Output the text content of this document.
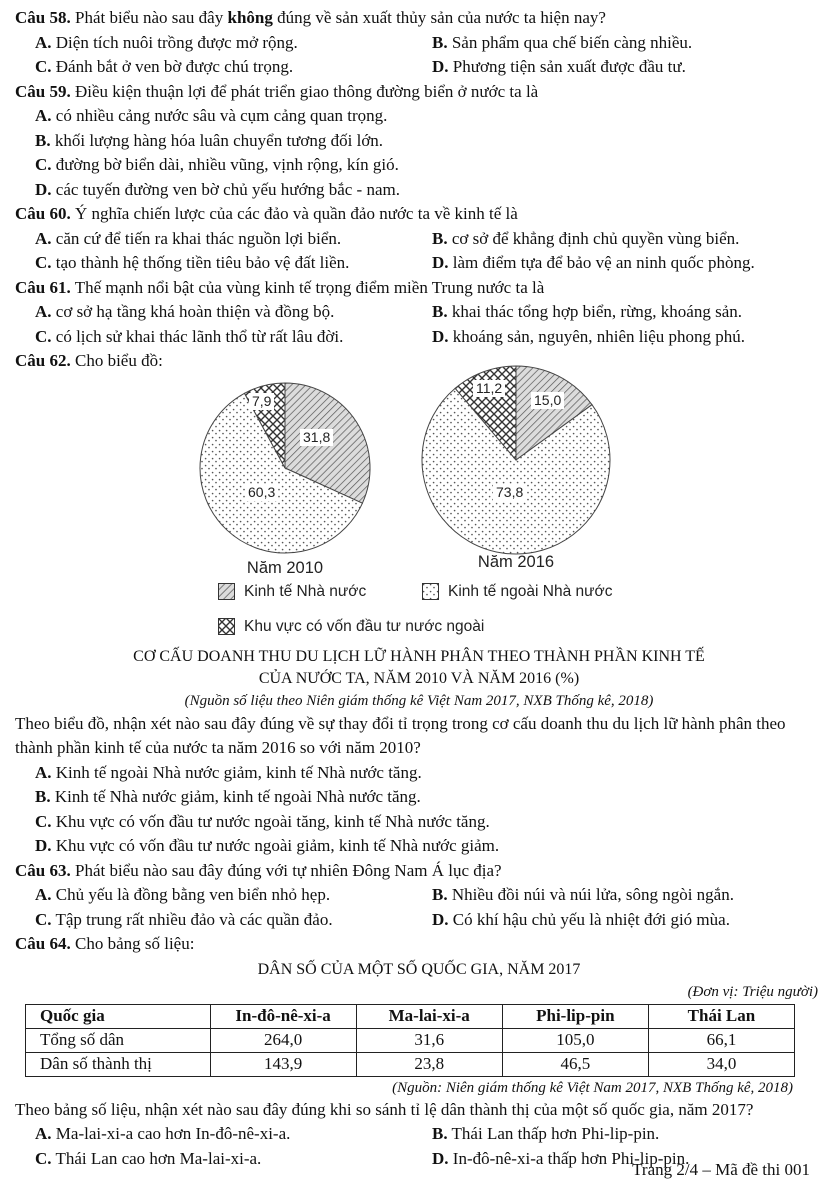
Câu 58. Phát biểu nào sau đây không đúng về sản xuất thủy sản của nước ta hiện nay?

A. Diện tích nuôi trồng được mở rộng.	B. Sản phẩm qua chế biến càng nhiều.
C. Đánh bắt ở ven bờ được chú trọng.	D. Phương tiện sản xuất được đầu tư.

Câu 59. Điều kiện thuận lợi để phát triển giao thông đường biển ở nước ta là

A. có nhiều cảng nước sâu và cụm cảng quan trọng.
B. khối lượng hàng hóa luân chuyển tương đối lớn.
C. đường bờ biển dài, nhiều vũng, vịnh rộng, kín gió.
D. các tuyến đường ven bờ chủ yếu hướng bắc - nam.

Câu 60. Ý nghĩa chiến lược của các đảo và quần đảo nước ta về kinh tế là

A. căn cứ để tiến ra khai thác nguồn lợi biển.	B. cơ sở để khẳng định chủ quyền vùng biển.
C. tạo thành hệ thống tiền tiêu bảo vệ đất liền.	D. làm điểm tựa để bảo vệ an ninh quốc phòng.

Câu 61. Thế mạnh nổi bật của vùng kinh tế trọng điểm miền Trung nước ta là

A. cơ sở hạ tầng khá hoàn thiện và đồng bộ.	B. khai thác tổng hợp biển, rừng, khoáng sản.
C. có lịch sử khai thác lãnh thổ từ rất lâu đời.	D. khoáng sản, nguyên, nhiên liệu phong phú.

Câu 62. Cho biểu đồ:

7,9
31,8
60,3
Năm 2010
11,2
15,0
73,8
Năm 2016
Kinh tế Nhà nước	Kinh tế ngoài Nhà nước
Khu vực có vốn đầu tư nước ngoài

CƠ CẤU DOANH THU DU LỊCH LỮ HÀNH PHÂN THEO THÀNH PHẦN KINH TẾ

CỦA NƯỚC TA, NĂM 2010 VÀ NĂM 2016 (%)

(Nguồn số liệu theo Niên giám thống kê Việt Nam 2017, NXB Thống kê, 2018)

Theo biểu đồ, nhận xét nào sau đây đúng về sự thay đổi tỉ trọng trong cơ cấu doanh thu du lịch lữ hành phân theo thành phần kinh tế của nước ta năm 2016 so với năm 2010?

A. Kinh tế ngoài Nhà nước giảm, kinh tế Nhà nước tăng.
B. Kinh tế Nhà nước giảm, kinh tế ngoài Nhà nước tăng.
C. Khu vực có vốn đầu tư nước ngoài tăng, kinh tế Nhà nước tăng.
D. Khu vực có vốn đầu tư nước ngoài giảm, kinh tế Nhà nước giảm.

Câu 63. Phát biểu nào sau đây đúng với tự nhiên Đông Nam Á lục địa?

A. Chủ yếu là đồng bằng ven biển nhỏ hẹp.	B. Nhiều đồi núi và núi lửa, sông ngòi ngắn.
C. Tập trung rất nhiều đảo và các quần đảo.	D. Có khí hậu chủ yếu là nhiệt đới gió mùa.

Câu 64. Cho bảng số liệu:

DÂN SỐ CỦA MỘT SỐ QUỐC GIA, NĂM 2017

(Đơn vị: Triệu người)

Quốc gia	In-đô-nê-xi-a	Ma-lai-xi-a	Phi-lip-pin	Thái Lan
Tổng số dân	264,0	31,6	105,0	66,1
Dân số thành thị	143,9	23,8	46,5	34,0

(Nguồn: Niên giám thống kê Việt Nam 2017, NXB Thống kê, 2018)

Theo bảng số liệu, nhận xét nào sau đây đúng khi so sánh tỉ lệ dân thành thị của một số quốc gia, năm 2017?

A. Ma-lai-xi-a cao hơn In-đô-nê-xi-a.	B. Thái Lan thấp hơn Phi-lip-pin.
C. Thái Lan cao hơn Ma-lai-xi-a.	D. In-đô-nê-xi-a thấp hơn Phi-lip-pin.
Trang 2/4 – Mã đề thi 001
